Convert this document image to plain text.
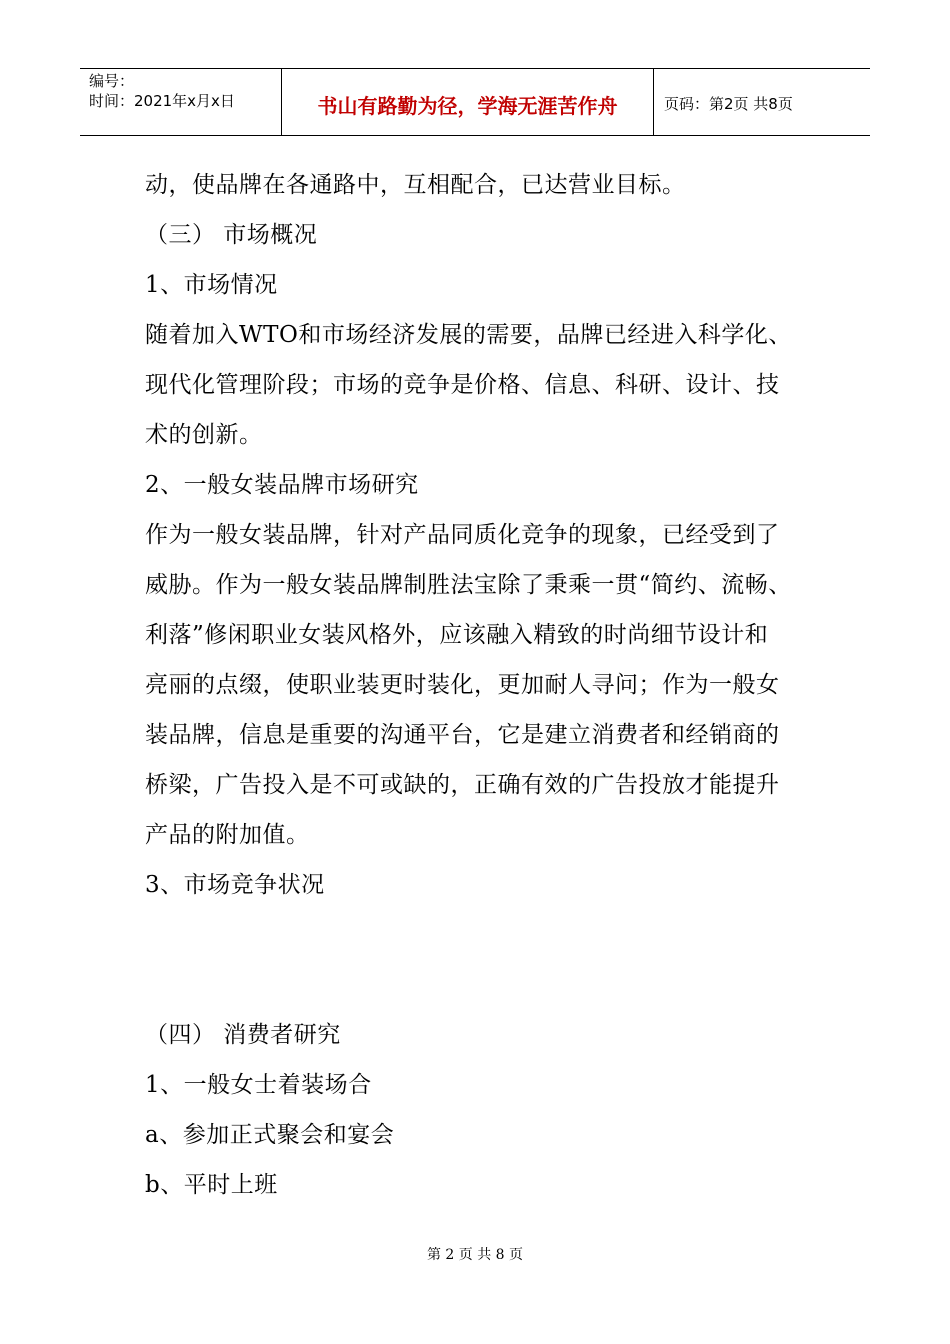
编号：
时间：2021年x月x日	书山有路勤为径，学海无涯苦作舟	页码：第2页 共8页
动，使品牌在各通路中，互相配合，已达营业目标。
（三） 市场概况
1、市场情况
随着加入WTO和市场经济发展的需要，品牌已经进入科学化、
现代化管理阶段；市场的竞争是价格、信息、科研、设计、技
术的创新。
2、一般女装品牌市场研究
作为一般女装品牌，针对产品同质化竞争的现象，已经受到了
威胁。作为一般女装品牌制胜法宝除了秉乘一贯“简约、流畅、
利落”修闲职业女装风格外，应该融入精致的时尚细节设计和
亮丽的点缀，使职业装更时装化，更加耐人寻问；作为一般女
装品牌，信息是重要的沟通平台，它是建立消费者和经销商的
桥梁，广告投入是不可或缺的，正确有效的广告投放才能提升
产品的附加值。
3、市场竞争状况
（四） 消费者研究
1、一般女士着装场合
a、参加正式聚会和宴会
b、平时上班
第 2 页 共 8 页
